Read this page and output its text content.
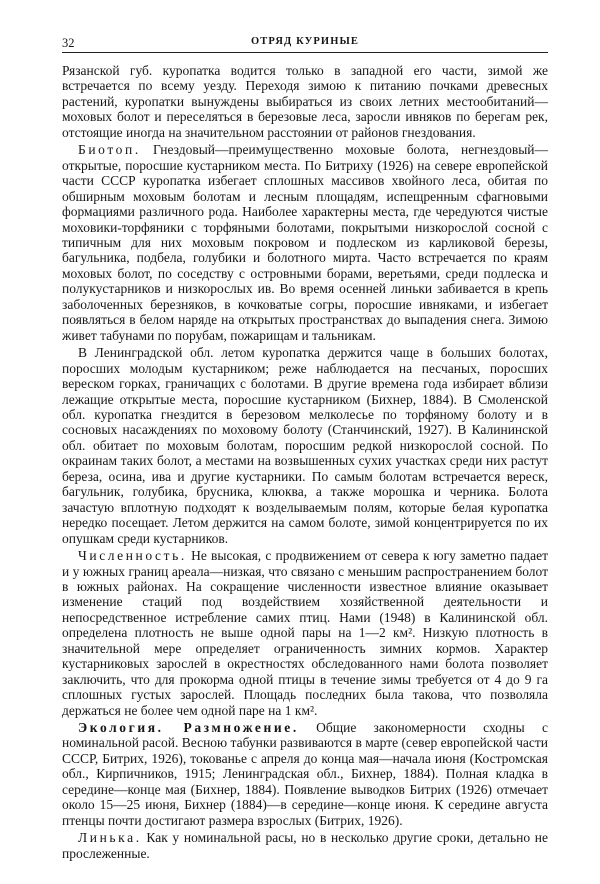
32	ОТРЯД КУРИНЫЕ

Рязанской губ. куропатка водится только в западной его части, зимой же встречается по всему уезду. Переходя зимою к питанию почками древесных растений, куропатки вынуждены выбираться из своих летних местообитаний—моховых болот и переселяться в березовые леса, заросли ивняков по берегам рек, отстоящие иногда на значительном расстоянии от районов гнездования.

Биотоп. Гнездовый—преимущественно моховые болота, негнездовый—открытые, поросшие кустарником места. По Битриху (1926) на севере европейской части СССР куропатка избегает сплошных массивов хвойного леса, обитая по обширным моховым болотам и лесным площадям, испещренным сфагновыми формациями различного рода. Наиболее характерны места, где чередуются чистые моховики-торфяники с торфяными болотами, покрытыми низкорослой сосной с типичным для них моховым покровом и подлеском из карликовой березы, багульника, подбела, голубики и болотного мирта. Часто встречается по краям моховых болот, по соседству с островными борами, веретьями, среди подлеска и полукустарников и низкорослых ив. Во время осенней линьки забивается в крепь заболоченных березняков, в кочковатые согры, поросшие ивняками, и избегает появляться в белом наряде на открытых пространствах до выпадения снега. Зимою живет табунами по порубам, пожарищам и тальникам.

В Ленинградской обл. летом куропатка держится чаще в больших болотах, поросших молодым кустарником; реже наблюдается на песчаных, поросших вереском горках, граничащих с болотами. В другие времена года избирает вблизи лежащие открытые места, поросшие кустарником (Бихнер, 1884). В Смоленской обл. куропатка гнездится в березовом мелколесье по торфяному болоту и в сосновых насаждениях по моховому болоту (Станчинский, 1927). В Калининской обл. обитает по моховым болотам, поросшим редкой низкорослой сосной. По окраинам таких болот, а местами на возвышенных сухих участках среди них растут береза, осина, ива и другие кустарники. По самым болотам встречается вереск, багульник, голубика, брусника, клюква, а также морошка и черника. Болота зачастую вплотную подходят к возделываемым полям, которые белая куропатка нередко посещает. Летом держится на самом болоте, зимой концентрируется по их опушкам среди кустарников.

Численность. Не высокая, с продвижением от севера к югу заметно падает и у южных границ ареала—низкая, что связано с меньшим распространением болот в южных районах. На сокращение численности известное влияние оказывает изменение стаций под воздействием хозяйственной деятельности и непосредственное истребление самих птиц. Нами (1948) в Калининской обл. определена плотность не выше одной пары на 1—2 км². Низкую плотность в значительной мере определяет ограниченность зимних кормов. Характер кустарниковых зарослей в окрестностях обследованного нами болота позволяет заключить, что для прокорма одной птицы в течение зимы требуется от 4 до 9 га сплошных густых зарослей. Площадь последних была такова, что позволяла держаться не более чем одной паре на 1 км².

Экология. Размножение. Общие закономерности сходны с номинальной расой. Весною табунки развиваются в марте (север европейской части СССР, Битрих, 1926), токованье с апреля до конца мая—начала июня (Костромская обл., Кирпичников, 1915; Ленинградская обл., Бихнер, 1884). Полная кладка в середине—конце мая (Бихнер, 1884). Появление выводков Битрих (1926) отмечает около 15—25 июня, Бихнер (1884)—в середине—конце июня. К середине августа птенцы почти достигают размера взрослых (Битрих, 1926).

Линька. Как у номинальной расы, но в несколько другие сроки, детально не прослеженные.
